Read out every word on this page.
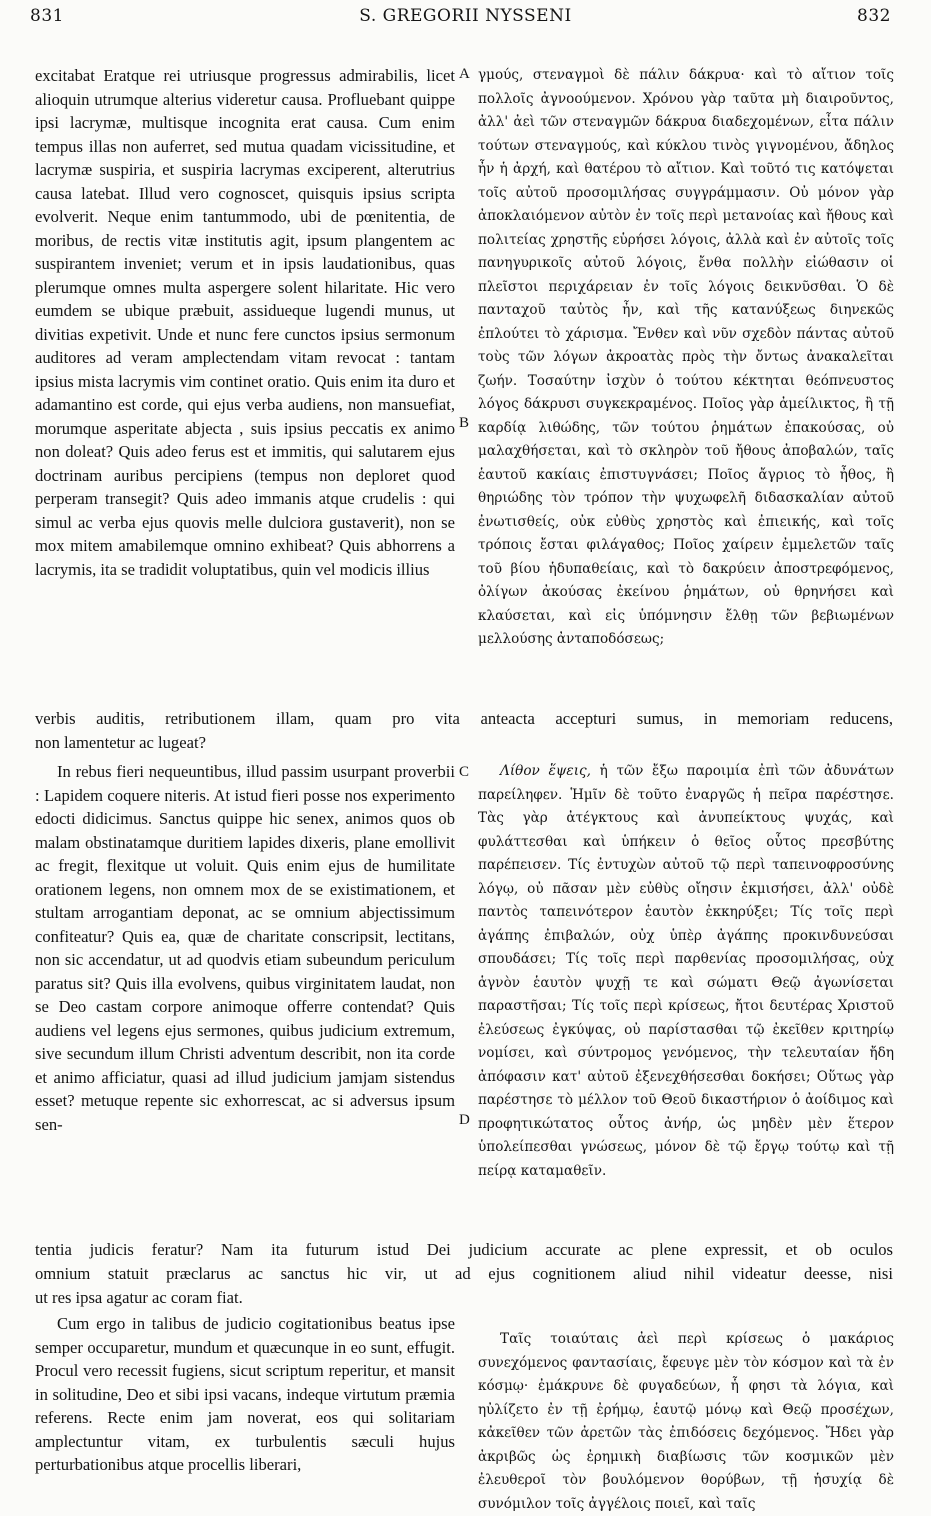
831	S. GREGORII NYSSENI	832

excitabat Eratque rei utriusque progressus admirabilis, licet alioquin utrumque alterius videretur causa. Profluebant quippe ipsi lacrymæ, multisque incognita erat causa. Cum enim tempus illas non auferret, sed mutua quadam vicissitudine, et lacrymæ suspiria, et suspiria lacrymas exciperent, alterutrius causa latebat. Illud vero cognoscet, quisquis ipsius scripta evolverit. Neque enim tantummodo, ubi de pœnitentia, de moribus, de rectis vitæ institutis agit, ipsum plangentem ac suspirantem inveniet; verum et in ipsis laudationibus, quas plerumque omnes multa aspergere solent hilaritate. Hic vero eumdem se ubique præbuit, assidueque lugendi munus, ut divitias expetivit. Unde et nunc fere cunctos ipsius sermonum auditores ad veram amplectendam vitam revocat : tantam ipsius mista lacrymis vim continet oratio. Quis enim ita duro et adamantino est corde, qui ejus verba audiens, non mansuefiat, morumque asperitate abjecta , suis ipsius peccatis ex animo non doleat? Quis adeo ferus est et immitis, qui salutarem ejus doctrinam auribus percipiens (tempus non deploret quod perperam transegit? Quis adeo immanis atque crudelis : qui simul ac verba ejus quovis melle dulciora gustaverit), non se mox mitem amabilemque omnino exhibeat? Quis abhorrens a lacrymis, ita se tradidit voluptatibus, quin vel modicis illius

A γμούς, στεναγμοὶ δὲ πάλιν δάκρυα· καὶ τὸ αἴτιον τοῖς πολλοῖς ἀγνοούμενον. Χρόνου γὰρ ταῦτα μὴ διαιροῦντος, ἀλλ' ἀεὶ τῶν στεναγμῶν δάκρυα διαδεχομένων, εἶτα πάλιν τούτων στεναγμούς, καὶ κύκλου τινὸς γιγνομένου, ἄδηλος ἦν ἡ ἀρχή, καὶ θατέρου τὸ αἴτιον. Καὶ τοῦτό τις κατόψεται τοῖς αὐτοῦ προσομιλήσας συγγράμμασιν. Οὐ μόνον γὰρ ἀποκλαιόμενον αὐτὸν ἐν τοῖς περὶ μετανοίας καὶ ἤθους καὶ πολιτείας χρηστῆς εὑρήσει λόγοις, ἀλλὰ καὶ ἐν αὐτοῖς τοῖς πανηγυρικοῖς αὐτοῦ λόγοις, ἔνθα πολλὴν εἰώθασιν οἱ πλεῖστοι περιχάρειαν ἐν τοῖς λόγοις δεικνῦσθαι. Ὁ δὲ πανταχοῦ ταὐτὸς ἦν, καὶ τῆς κατανύξεως διηνεκῶς ἐπλούτει τὸ χάρισμα. Ἔνθεν καὶ νῦν σχεδὸν πάντας αὐτοῦ τοὺς τῶν λόγων ἀκροατὰς πρὸς τὴν ὄντως ἀνακαλεῖται ζωήν. Τοσαύτην ἰσχὺν ὁ τούτου κέκτηται θεόπνευστος λόγος δάκρυσι συγκεκραμένος. Ποῖος γὰρ ἀμείλικτος, ἢ τῇ καρδίᾳ λιθώδης, τῶν τούτου ῥημάτων ἐπακούσας, οὐ μαλαχθήσεται, καὶ τὸ σκληρὸν τοῦ ἤθους ἀποβαλών, ταῖς ἑαυτοῦ κακίαις ἐπιστυγνάσει; Ποῖος ἄγριος τὸ ἦθος, ἢ θηριώδης τὸν τρόπον τὴν ψυχωφελῆ διδασκαλίαν αὐτοῦ ἐνωτισθείς, οὐκ εὐθὺς χρηστὸς καὶ ἐπιεικής, καὶ τοῖς τρόποις ἔσται φιλάγαθος; Ποῖος χαίρειν ἐμμελετῶν ταῖς τοῦ βίου ἡδυπαθείαις, καὶ τὸ δακρύειν ἀποστρεφόμενος, ὀλίγων ἀκούσας ἐκείνου ῥημάτων, οὐ θρηνήσει καὶ κλαύσεται, καὶ εἰς ὑπόμνησιν ἔλθῃ τῶν βεβιωμένων μελλούσης ἀνταποδόσεως;

B
verbis auditis, retributionem illam, quam pro vita anteacta accepturi sumus, in memoriam reducens,
non lamentetur ac lugeat?

In rebus fieri nequeuntibus, illud passim usurpant proverbii : Lapidem coquere niteris. At istud fieri posse nos experimento edocti didicimus. Sanctus quippe hic senex, animos quos ob malam obstinatamque duritiem lapides dixeris, plane emollivit ac fregit, flexitque ut voluit. Quis enim ejus de humilitate orationem legens, non omnem mox de se existimationem, et stultam arrogantiam deponat, ac se omnium abjectissimum confiteatur? Quis ea, quæ de charitate conscripsit, lectitans, non sic accendatur, ut ad quodvis etiam subeundum periculum paratus sit? Quis illa evolvens, quibus virginitatem laudat, non se Deo castam corpore animoque offerre contendat? Quis audiens vel legens ejus sermones, quibus judicium extremum, sive secundum illum Christi adventum describit, non ita corde et animo afficiatur, quasi ad illud judicium jamjam sistendus esset? metuque repente sic exhorrescat, ac si adversus ipsum sen-

C	Λίθον ἕψεις, ἡ τῶν ἔξω παροιμία ἐπὶ τῶν ἀδυνάτων παρείληφεν. Ἡμῖν δὲ τοῦτο ἐναργῶς ἡ πεῖρα παρέστησε. Τὰς γὰρ ἀτέγκτους καὶ ἀνυπείκτους ψυχάς, καὶ φυλάττεσθαι καὶ ὑπήκειν ὁ θεῖος οὗτος πρεσβύτης παρέπεισεν. Τίς ἐντυχὼν αὐτοῦ τῷ περὶ ταπεινοφροσύνης λόγῳ, οὐ πᾶσαν μὲν εὐθὺς οἴησιν ἐκμισήσει, ἀλλ' οὐδὲ παντὸς ταπεινότερον ἑαυτὸν ἐκκηρύξει; Τίς τοῖς περὶ ἀγάπης ἐπιβαλών, οὐχ ὑπὲρ ἀγάπης προκινδυνεύσαι σπουδάσει; Τίς τοῖς περὶ παρθενίας προσομιλήσας, οὐχ ἁγνὸν ἑαυτὸν ψυχῇ τε καὶ σώματι Θεῷ ἀγωνίσεται παραστῆσαι; Τίς τοῖς περὶ κρίσεως, ἤτοι δευτέρας Χριστοῦ ἐλεύσεως ἐγκύψας, οὐ παρίστασθαι τῷ ἐκεῖθεν κριτηρίῳ νομίσει, καὶ σύντρομος γενόμενος, τὴν τελευταίαν ἤδη ἀπόφασιν κατ' αὐτοῦ ἐξενεχθήσεσθαι δοκήσει; Οὕτως γὰρ παρέστησε τὸ μέλλον τοῦ Θεοῦ δικαστήριον ὁ ἀοίδιμος καὶ προφητικώτατος οὗτος ἀνήρ, ὡς μηδὲν μὲν ἕτερον ὑπολείπεσθαι γνώσεως, μόνον δὲ τῷ ἔργῳ τούτῳ καὶ τῇ πείρᾳ καταμαθεῖν.

D
tentia judicis feratur? Nam ita futurum istud Dei judicium accurate ac plene expressit, et ob oculos
omnium statuit præclarus ac sanctus hic vir, ut ad ejus cognitionem aliud nihil videatur deesse, nisi
ut res ipsa agatur ac coram fiat.

Cum ergo in talibus de judicio cogitationibus beatus ipse semper occuparetur, mundum et quæcunque in eo sunt, effugit. Procul vero recessit fugiens, sicut scriptum reperitur, et mansit in solitudine, Deo et sibi ipsi vacans, indeque virtutum præmia referens. Recte enim jam noverat, eos qui solitariam amplectuntur vitam, ex turbulentis sæculi hujus perturbationibus atque procellis liberari,

Ταῖς τοιαύταις ἀεὶ περὶ κρίσεως ὁ μακάριος συνεχόμενος φαντασίαις, ἔφευγε μὲν τὸν κόσμον καὶ τὰ ἐν κόσμῳ· ἐμάκρυνε δὲ φυγαδεύων, ἧ φησι τὰ λόγια, καὶ ηὐλίζετο ἐν τῇ ἐρήμῳ, ἑαυτῷ μόνῳ καὶ Θεῷ προσέχων, κἀκεῖθεν τῶν ἀρετῶν τὰς ἐπιδόσεις δεχόμενος. Ἤδει γὰρ ἀκριβῶς ὡς ἐρημικὴ διαβίωσις τῶν κοσμικῶν μὲν ἐλευθεροῖ τὸν βουλόμενον θορύβων, τῇ ἡσυχίᾳ δὲ συνόμιλον τοῖς ἀγγέλοις ποιεῖ, καὶ ταῖς
